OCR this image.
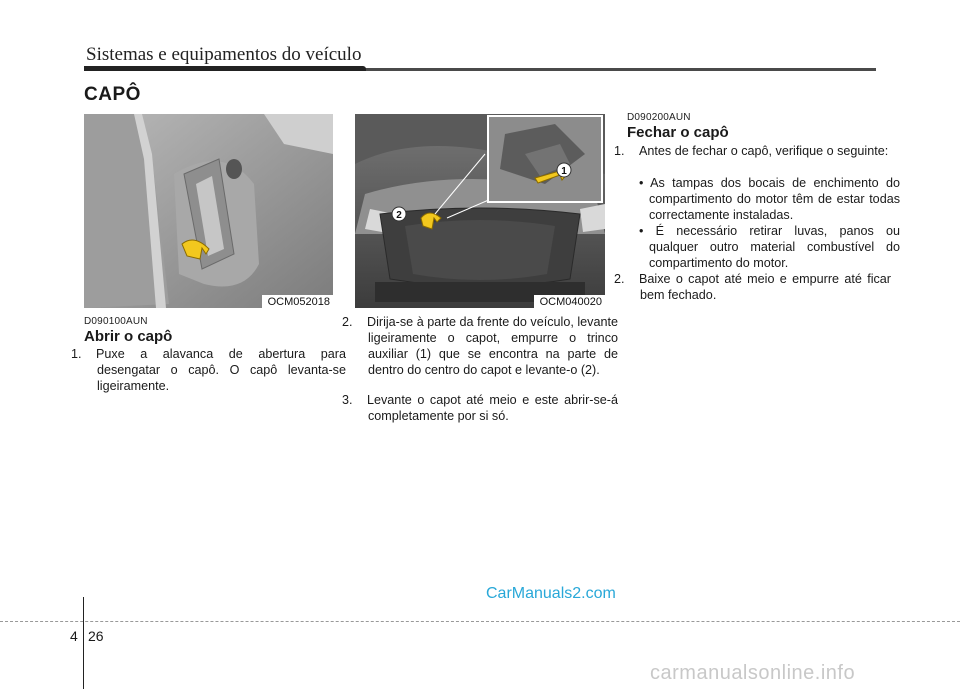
Sistemas e equipamentos do veículo
CAPÔ
OCM052018
1
2
OCM040020
D090100AUN
Abrir o capô
1. Puxe a alavanca de abertura para desengatar o capô. O capô levanta-se ligeiramente.
2. Dirija-se à parte da frente do veículo, levante ligeiramente o capot, empurre o trinco auxiliar (1) que se encontra na parte de dentro do centro do capot e levante-o (2).
3. Levante o capot até meio e este abrir-se-á completamente por si só.
D090200AUN
Fechar o capô
1. Antes de fechar o capô, verifique o seguinte:
• As tampas dos bocais de enchimento do compartimento do motor têm de estar todas correctamente instaladas.
• É necessário retirar luvas, panos ou qualquer outro material combustível do compartimento do motor.
2. Baixe o capot até meio e empurre até ficar bem fechado.
CarManuals2.com
4 26
carmanualsonline.info
